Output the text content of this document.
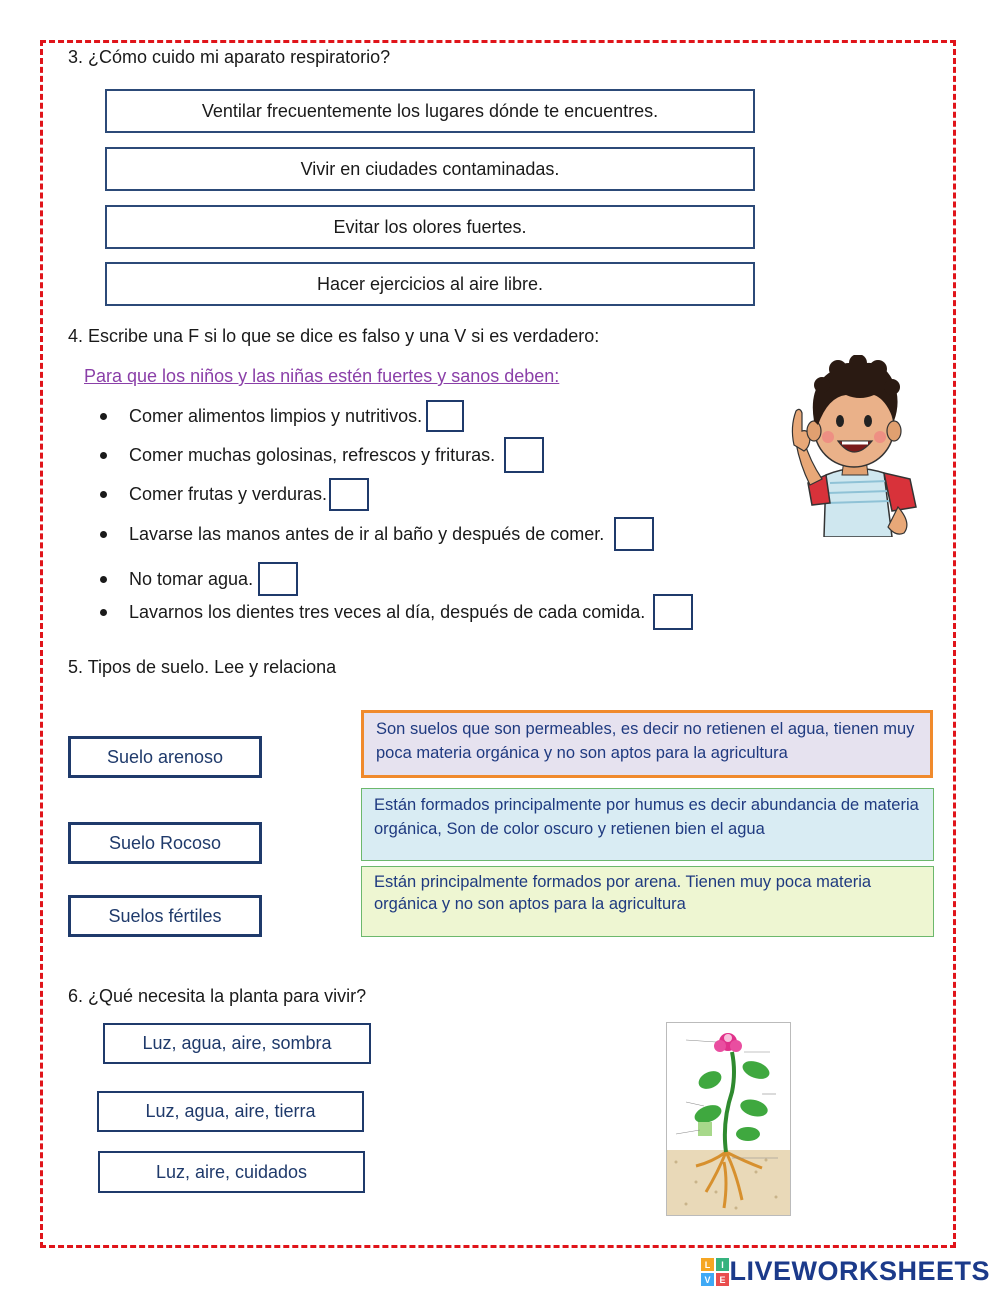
3. ¿Cómo cuido mi aparato respiratorio?
Ventilar frecuentemente los lugares dónde te encuentres.
Vivir en ciudades contaminadas.
Evitar los olores fuertes.
Hacer ejercicios al aire libre.
4. Escribe una F si lo que se dice es falso y una V si es verdadero:
Para que los niños y las niñas estén fuertes y sanos deben:
Comer alimentos limpios y nutritivos.
Comer muchas golosinas, refrescos y frituras.
Comer frutas y verduras.
Lavarse las manos antes de ir al baño y después de comer.
No tomar agua.
Lavarnos los dientes tres veces al día, después de cada comida.
5. Tipos de suelo. Lee y relaciona
Suelo arenoso
Suelo Rocoso
Suelos fértiles
Son suelos que son permeables, es decir no retienen el agua, tienen muy poca materia orgánica y no son aptos para la agricultura
Están formados principalmente por humus es decir abundancia de materia orgánica, Son de color oscuro y retienen bien el agua
Están principalmente formados por arena. Tienen muy poca materia orgánica y no son aptos para la agricultura
6. ¿Qué necesita la planta para vivir?
Luz, agua, aire, sombra
Luz, agua, aire, tierra
Luz, aire, cuidados
L I
V E LIVEWORKSHEETS
